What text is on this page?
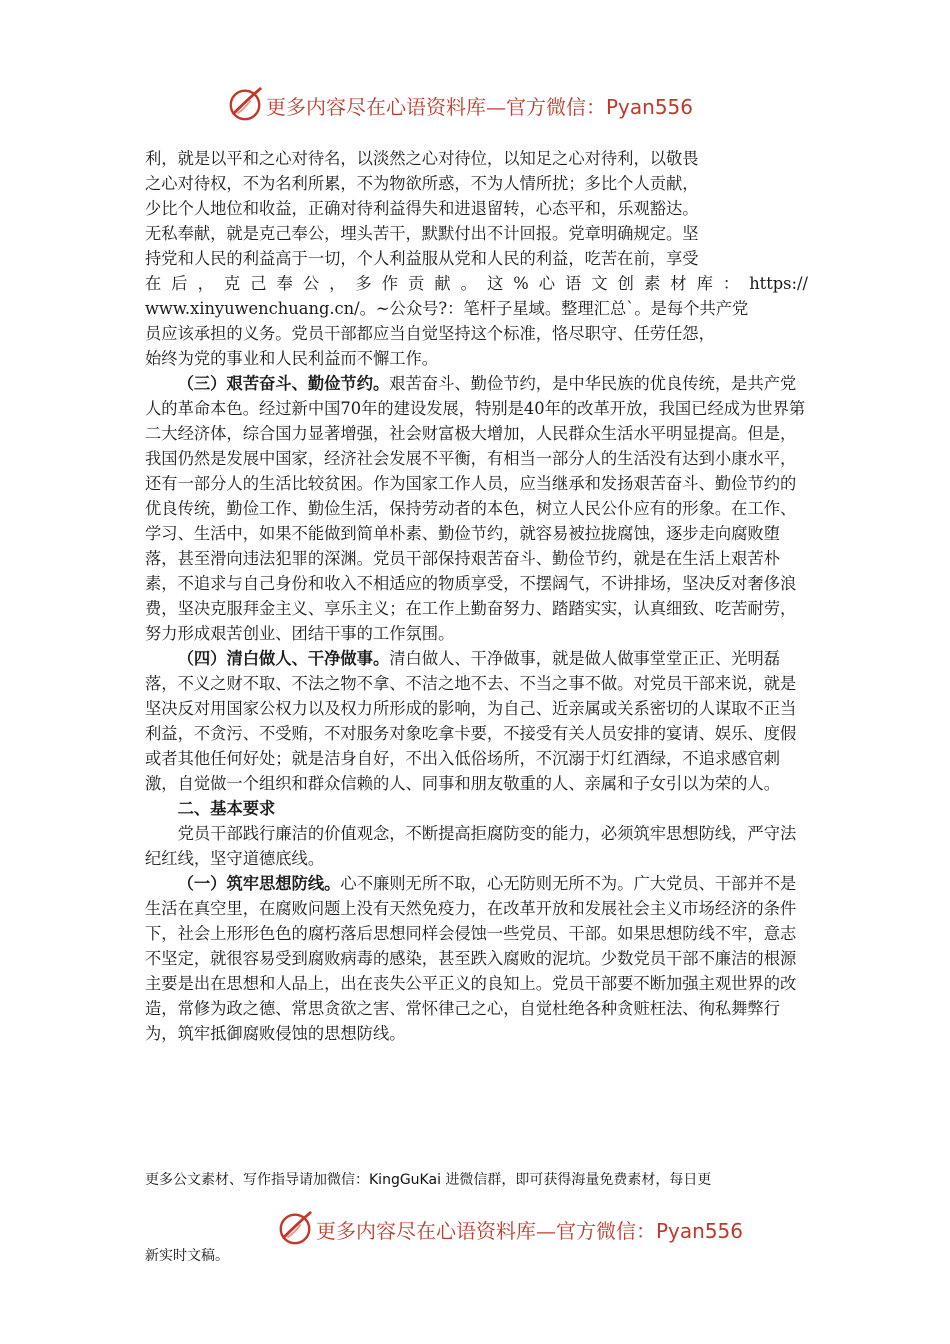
更多内容尽在心语资料库—官方微信：Pyan556

利，就是以平和之心对待名，以淡然之心对待位，以知足之心对待利，以敬畏

之心对待权，不为名利所累，不为物欲所惑，不为人情所扰；多比个人贡献，

少比个人地位和收益，正确对待利益得失和进退留转，心态平和，乐观豁达。

无私奉献，就是克己奉公，埋头苦干，默默付出不计回报。党章明确规定。坚

持党和人民的利益高于一切，个人利益服从党和人民的利益，吃苦在前，享受

在后，克己奉公，多作贡献。这%心语文创素材库：https://

www.xinyuwenchuang.cn/。~公众号?：笔杆子星域。整理汇总`。是每个共产党

员应该承担的义务。党员干部都应当自觉坚持这个标准，恪尽职守、任劳任怨，

始终为党的事业和人民利益而不懈工作。

（三）艰苦奋斗、勤俭节约。艰苦奋斗、勤俭节约，是中华民族的优良传统，是共产党人的革命本色。经过新中国70年的建设发展，特别是40年的改革开放，我国已经成为世界第二大经济体，综合国力显著增强，社会财富极大增加，人民群众生活水平明显提高。但是，我国仍然是发展中国家，经济社会发展不平衡，有相当一部分人的生活没有达到小康水平，还有一部分人的生活比较贫困。作为国家工作人员，应当继承和发扬艰苦奋斗、勤俭节约的优良传统，勤俭工作、勤俭生活，保持劳动者的本色，树立人民公仆应有的形象。在工作、学习、生活中，如果不能做到简单朴素、勤俭节约，就容易被拉拢腐蚀，逐步走向腐败堕落，甚至滑向违法犯罪的深渊。党员干部保持艰苦奋斗、勤俭节约，就是在生活上艰苦朴素，不追求与自己身份和收入不相适应的物质享受，不摆阔气，不讲排场，坚决反对奢侈浪费，坚决克服拜金主义、享乐主义；在工作上勤奋努力、踏踏实实，认真细致、吃苦耐劳，努力形成艰苦创业、团结干事的工作氛围。

（四）清白做人、干净做事。清白做人、干净做事，就是做人做事堂堂正正、光明磊落，不义之财不取、不法之物不拿、不洁之地不去、不当之事不做。对党员干部来说，就是坚决反对用国家公权力以及权力所形成的影响，为自己、近亲属或关系密切的人谋取不正当利益，不贪污、不受贿，不对服务对象吃拿卡要，不接受有关人员安排的宴请、娱乐、度假或者其他任何好处；就是洁身自好，不出入低俗场所，不沉溺于灯红酒绿，不追求感官刺激，自觉做一个组织和群众信赖的人、同事和朋友敬重的人、亲属和子女引以为荣的人。

二、基本要求

党员干部践行廉洁的价值观念，不断提高拒腐防变的能力，必须筑牢思想防线，严守法纪红线，坚守道德底线。

（一）筑牢思想防线。心不廉则无所不取，心无防则无所不为。广大党员、干部并不是生活在真空里，在腐败问题上没有天然免疫力，在改革开放和发展社会主义市场经济的条件下，社会上形形色色的腐朽落后思想同样会侵蚀一些党员、干部。如果思想防线不牢，意志不坚定，就很容易受到腐败病毒的感染，甚至跌入腐败的泥坑。少数党员干部不廉洁的根源主要是出在思想和人品上，出在丧失公平正义的良知上。党员干部要不断加强主观世界的改造，常修为政之德、常思贪欲之害、常怀律己之心，自觉杜绝各种贪赃枉法、徇私舞弊行为，筑牢抵御腐败侵蚀的思想防线。

更多公文素材、写作指导请加微信：KingGuKai 进微信群，即可获得海量免费素材，每日更
更多内容尽在心语资料库—官方微信：Pyan556
新实时文稿。
